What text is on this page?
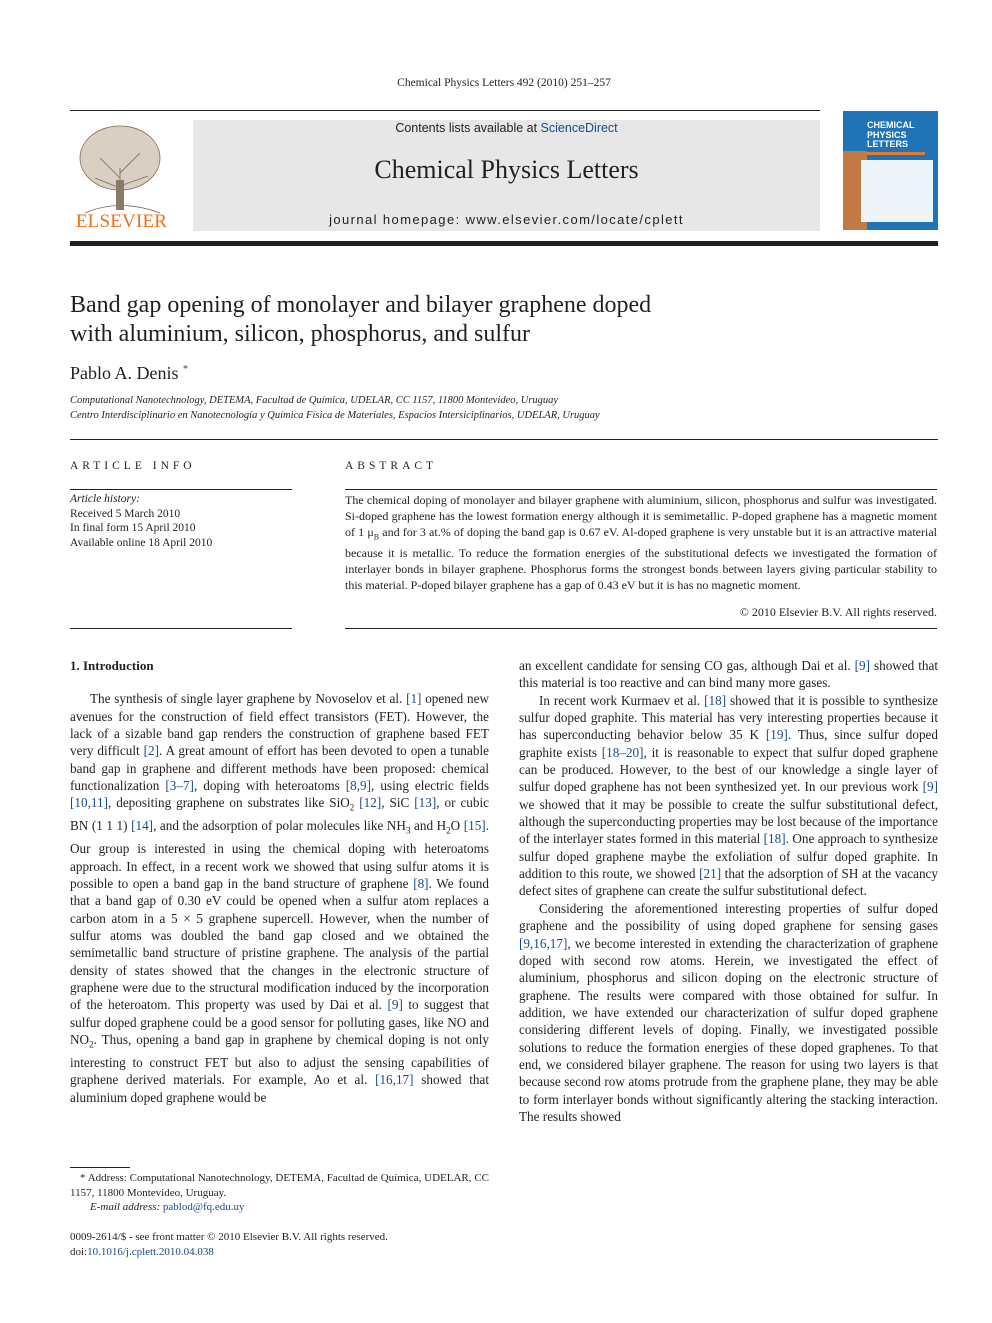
Chemical Physics Letters 492 (2010) 251–257
ELSEVIER
Contents lists available at ScienceDirect
Chemical Physics Letters
journal homepage: www.elsevier.com/locate/cplett
CHEMICAL
PHYSICS
LETTERS
Band gap opening of monolayer and bilayer graphene doped
with aluminium, silicon, phosphorus, and sulfur
Pablo A. Denis *
Computational Nanotechnology, DETEMA, Facultad de Química, UDELAR, CC 1157, 11800 Montevideo, Uruguay
Centro Interdisciplinario en Nanotecnología y Química Física de Materiales, Espacios Intersiciplinarios, UDELAR, Uruguay
ARTICLE INFO	ABSTRACT
Article history:
Received 5 March 2010
In final form 15 April 2010
Available online 18 April 2010
The chemical doping of monolayer and bilayer graphene with aluminium, silicon, phosphorus and sulfur was investigated. Si-doped graphene has the lowest formation energy although it is semimetallic. P-doped graphene has a magnetic moment of 1 $\mu_B$ and for 3 at.% of doping the band gap is 0.67 eV. Al-doped graphene is very unstable but it is an attractive material because it is metallic. To reduce the formation energies of the substitutional defects we investigated the formation of interlayer bonds in bilayer graphene. Phosphorus forms the strongest bonds between layers giving particular stability to this material. P-doped bilayer graphene has a gap of 0.43 eV but it is has no magnetic moment.
© 2010 Elsevier B.V. All rights reserved.

1. Introduction

The synthesis of single layer graphene by Novoselov et al. [1] opened new avenues for the construction of field effect transistors (FET). However, the lack of a sizable band gap renders the construction of graphene based FET very difficult [2]. A great amount of effort has been devoted to open a tunable band gap in graphene and different methods have been proposed: chemical functionalization [3–7], doping with heteroatoms [8,9], using electric fields [10,11], depositing graphene on substrates like SiO$_2$ [12], SiC [13], or cubic BN (1 1 1) [14], and the adsorption of polar molecules like $NH_3$ and $H_2O$ [15]. Our group is interested in using the chemical doping with heteroatoms approach. In effect, in a recent work we showed that using sulfur atoms it is possible to open a band gap in the band structure of graphene [8]. We found that a band gap of 0.30 eV could be opened when a sulfur atom replaces a carbon atom in a 5 × 5 graphene supercell. However, when the number of sulfur atoms was doubled the band gap closed and we obtained the semimetallic band structure of pristine graphene. The analysis of the partial density of states showed that the changes in the electronic structure of graphene were due to the structural modification induced by the incorporation of the heteroatom. This property was used by Dai et al. [9] to suggest that sulfur doped graphene could be a good sensor for polluting gases, like NO and $NO_2$. Thus, opening a band gap in graphene by chemical doping is not only interesting to construct FET but also to adjust the sensing capabilities of graphene derived materials. For example, Ao et al. [16,17] showed that aluminium doped graphene would be

an excellent candidate for sensing CO gas, although Dai et al. [9] showed that this material is too reactive and can bind many more gases.

In recent work Kurmaev et al. [18] showed that it is possible to synthesize sulfur doped graphite. This material has very interesting properties because it has superconducting behavior below 35 K [19]. Thus, since sulfur doped graphite exists [18–20], it is reasonable to expect that sulfur doped graphene can be produced. However, to the best of our knowledge a single layer of sulfur doped graphene has not been synthesized yet. In our previous work [9] we showed that it may be possible to create the sulfur substitutional defect, although the superconducting properties may be lost because of the importance of the interlayer states formed in this material [18]. One approach to synthesize sulfur doped graphene maybe the exfoliation of sulfur doped graphite. In addition to this route, we showed [21] that the adsorption of SH at the vacancy defect sites of graphene can create the sulfur substitutional defect.

Considering the aforementioned interesting properties of sulfur doped graphene and the possibility of using doped graphene for sensing gases [9,16,17], we become interested in extending the characterization of graphene doped with second row atoms. Herein, we investigated the effect of aluminium, phosphorus and silicon doping on the electronic structure of graphene. The results were compared with those obtained for sulfur. In addition, we have extended our characterization of sulfur doped graphene considering different levels of doping. Finally, we investigated possible solutions to reduce the formation energies of these doped graphenes. To that end, we considered bilayer graphene. The reason for using two layers is that because second row atoms protrude from the graphene plane, they may be able to form interlayer bonds without significantly altering the stacking interaction. The results showed

* Address: Computational Nanotechnology, DETEMA, Facultad de Química, UDELAR, CC 1157, 11800 Montevideo, Uruguay.
E-mail address: pablod@fq.edu.uy
0009-2614/$ - see front matter © 2010 Elsevier B.V. All rights reserved.
doi:10.1016/j.cplett.2010.04.038
